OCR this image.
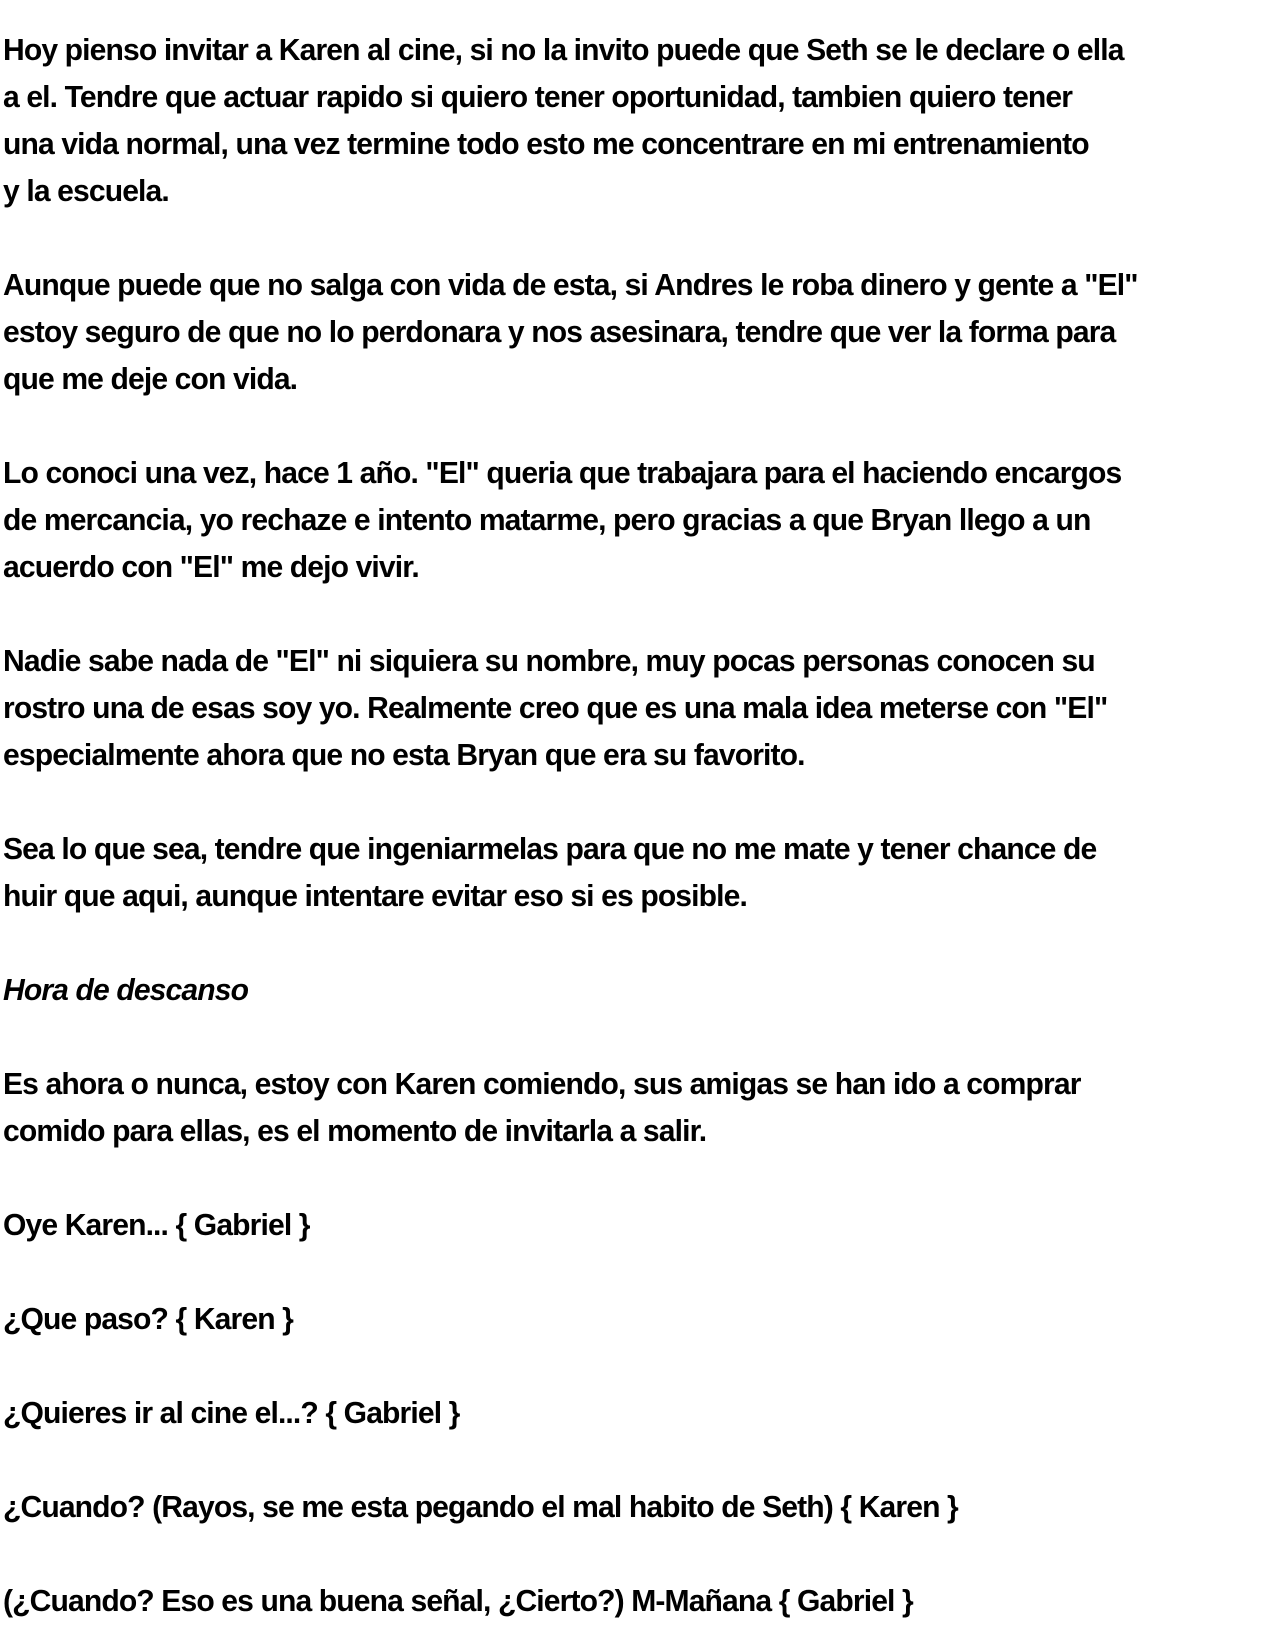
Hoy pienso invitar a Karen al cine, si no la invito puede que Seth se le declare o ella
a el. Tendre que actuar rapido si quiero tener oportunidad, tambien quiero tener
una vida normal, una vez termine todo esto me concentrare en mi entrenamiento
y la escuela.

Aunque puede que no salga con vida de esta, si Andres le roba dinero y gente a "El"
estoy seguro de que no lo perdonara y nos asesinara, tendre que ver la forma para
que me deje con vida.

Lo conoci una vez, hace 1 año. "El" queria que trabajara para el haciendo encargos
de mercancia, yo rechaze e intento matarme, pero gracias a que Bryan llego a un
acuerdo con "El" me dejo vivir.

Nadie sabe nada de "El" ni siquiera su nombre, muy pocas personas conocen su
rostro una de esas soy yo. Realmente creo que es una mala idea meterse con "El"
especialmente ahora que no esta Bryan que era su favorito.

Sea lo que sea, tendre que ingeniarmelas para que no me mate y tener chance de
huir que aqui, aunque intentare evitar eso si es posible.

Hora de descanso

Es ahora o nunca, estoy con Karen comiendo, sus amigas se han ido a comprar
comido para ellas, es el momento de invitarla a salir.

Oye Karen... { Gabriel }

¿Que paso? { Karen }

¿Quieres ir al cine el...? { Gabriel }

¿Cuando? (Rayos, se me esta pegando el mal habito de Seth) { Karen }

(¿Cuando? Eso es una buena señal, ¿Cierto?) M-Mañana { Gabriel }
